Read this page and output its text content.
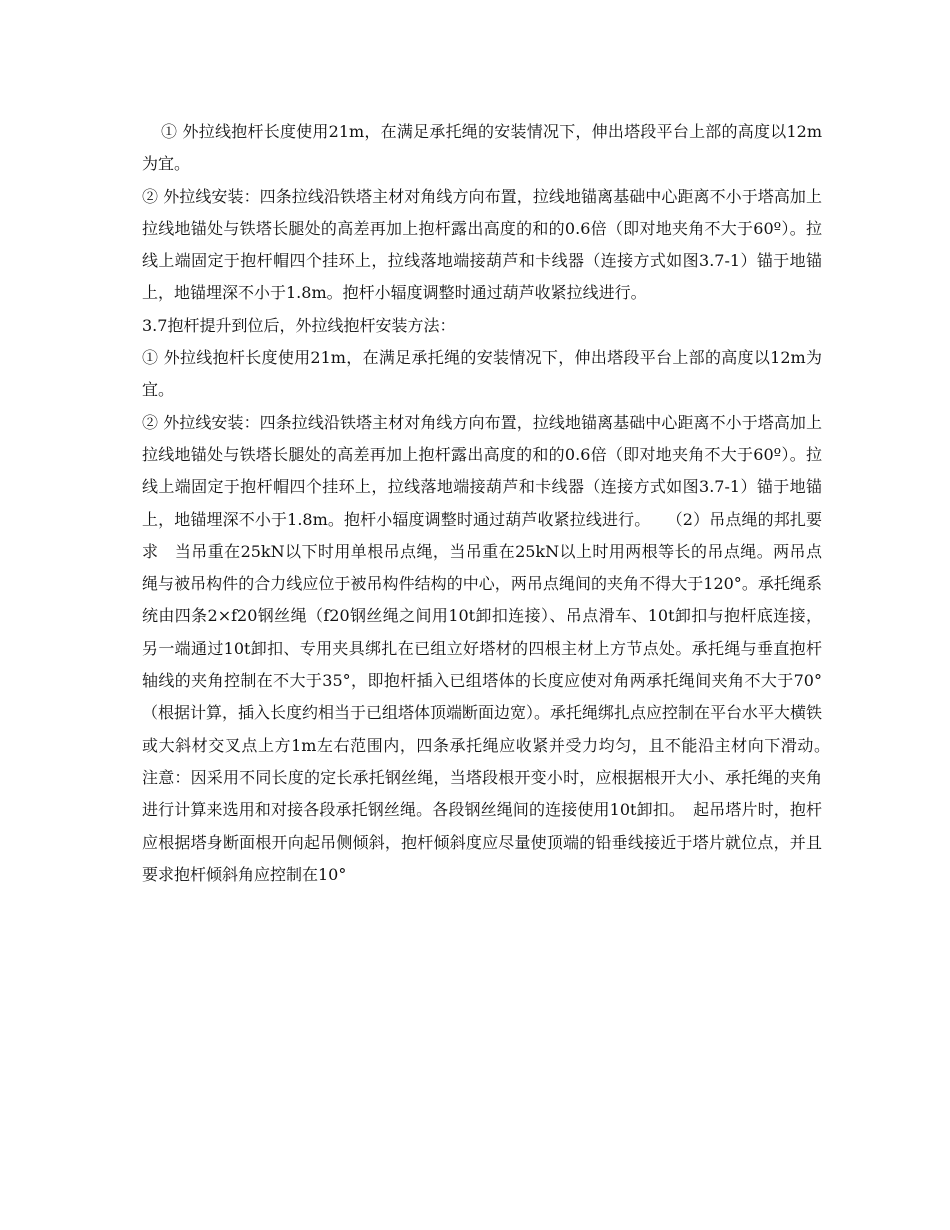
① 外拉线抱杆长度使用21m，在满足承托绳的安装情况下，伸出塔段平台上部的高度以12m为宜。

② 外拉线安装：四条拉线沿铁塔主材对角线方向布置，拉线地锚离基础中心距离不小于塔高加上拉线地锚处与铁塔长腿处的高差再加上抱杆露出高度的和的0.6倍（即对地夹角不大于60º）。拉线上端固定于抱杆帽四个挂环上，拉线落地端接葫芦和卡线器（连接方式如图3.7-1）锚于地锚上，地锚埋深不小于1.8m。抱杆小辐度调整时通过葫芦收紧拉线进行。

3.7抱杆提升到位后，外拉线抱杆安装方法：

① 外拉线抱杆长度使用21m，在满足承托绳的安装情况下，伸出塔段平台上部的高度以12m为宜。

② 外拉线安装：四条拉线沿铁塔主材对角线方向布置，拉线地锚离基础中心距离不小于塔高加上拉线地锚处与铁塔长腿处的高差再加上抱杆露出高度的和的0.6倍（即对地夹角不大于60º）。拉线上端固定于抱杆帽四个挂环上，拉线落地端接葫芦和卡线器（连接方式如图3.7-1）锚于地锚上，地锚埋深不小于1.8m。抱杆小辐度调整时通过葫芦收紧拉线进行。　　（2）吊点绳的邦扎要求　当吊重在25kN以下时用单根吊点绳，当吊重在25kN以上时用两根等长的吊点绳。两吊点绳与被吊构件的合力线应位于被吊构件结构的中心，两吊点绳间的夹角不得大于120°。承托绳系统由四条2×f20钢丝绳（f20钢丝绳之间用10t卸扣连接）、吊点滑车、10t卸扣与抱杆底连接，另一端通过10t卸扣、专用夹具绑扎在已组立好塔材的四根主材上方节点处。承托绳与垂直抱杆轴线的夹角控制在不大于35°，即抱杆插入已组塔体的长度应使对角两承托绳间夹角不大于70°（根据计算，插入长度约相当于已组塔体顶端断面边宽）。承托绳绑扎点应控制在平台水平大横铁或大斜材交叉点上方1m左右范围内，四条承托绳应收紧并受力均匀，且不能沿主材向下滑动。　注意：因采用不同长度的定长承托钢丝绳，当塔段根开变小时，应根据根开大小、承托绳的夹角进行计算来选用和对接各段承托钢丝绳。各段钢丝绳间的连接使用10t卸扣。　起吊塔片时，抱杆应根据塔身断面根开向起吊侧倾斜，抱杆倾斜度应尽量使顶端的铅垂线接近于塔片就位点，并且要求抱杆倾斜角应控制在10°
